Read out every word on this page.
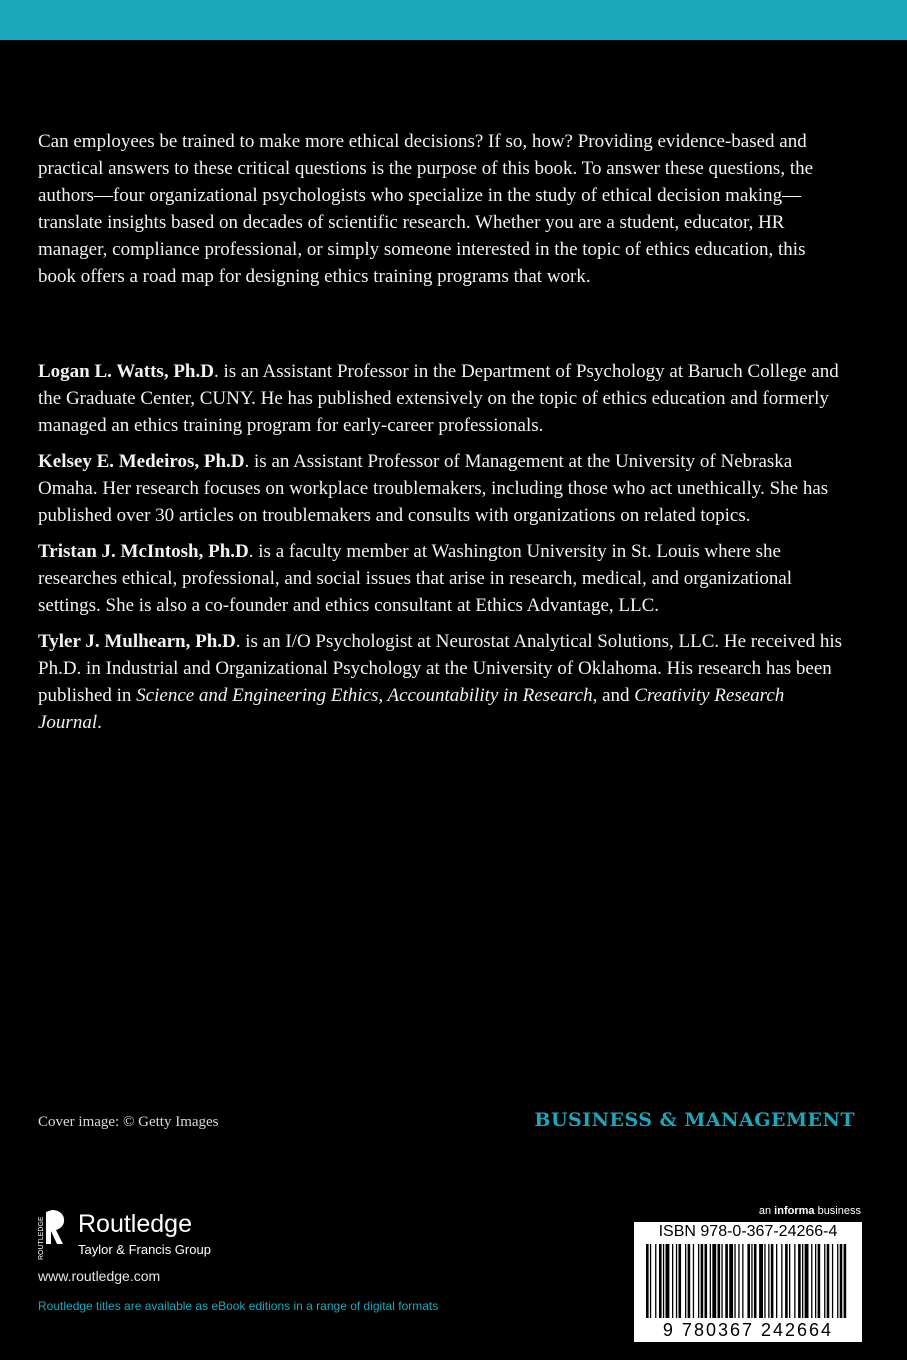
Can employees be trained to make more ethical decisions? If so, how? Providing evidence-based and practical answers to these critical questions is the purpose of this book. To answer these questions, the authors—four organizational psychologists who specialize in the study of ethical decision making—translate insights based on decades of scientific research. Whether you are a student, educator, HR manager, compliance professional, or simply someone interested in the topic of ethics education, this book offers a road map for designing ethics training programs that work.

Logan L. Watts, Ph.D. is an Assistant Professor in the Department of Psychology at Baruch College and the Graduate Center, CUNY. He has published extensively on the topic of ethics education and formerly managed an ethics training program for early-career professionals.

Kelsey E. Medeiros, Ph.D. is an Assistant Professor of Management at the University of Nebraska Omaha. Her research focuses on workplace troublemakers, including those who act unethically. She has published over 30 articles on troublemakers and consults with organizations on related topics.

Tristan J. McIntosh, Ph.D. is a faculty member at Washington University in St. Louis where she researches ethical, professional, and social issues that arise in research, medical, and organizational settings. She is also a co-founder and ethics consultant at Ethics Advantage, LLC.

Tyler J. Mulhearn, Ph.D. is an I/O Psychologist at Neurostat Analytical Solutions, LLC. He received his Ph.D. in Industrial and Organizational Psychology at the University of Oklahoma. His research has been published in Science and Engineering Ethics, Accountability in Research, and Creativity Research Journal.

Cover image: © Getty Images	BUSINESS & MANAGEMENT
ROUTLEDGE Routledge
Taylor & Francis Group
www.routledge.com
Routledge titles are available as eBook editions in a range of digital formats
an informa business
ISBN 978-0-367-24266-4
9 780367 242664
